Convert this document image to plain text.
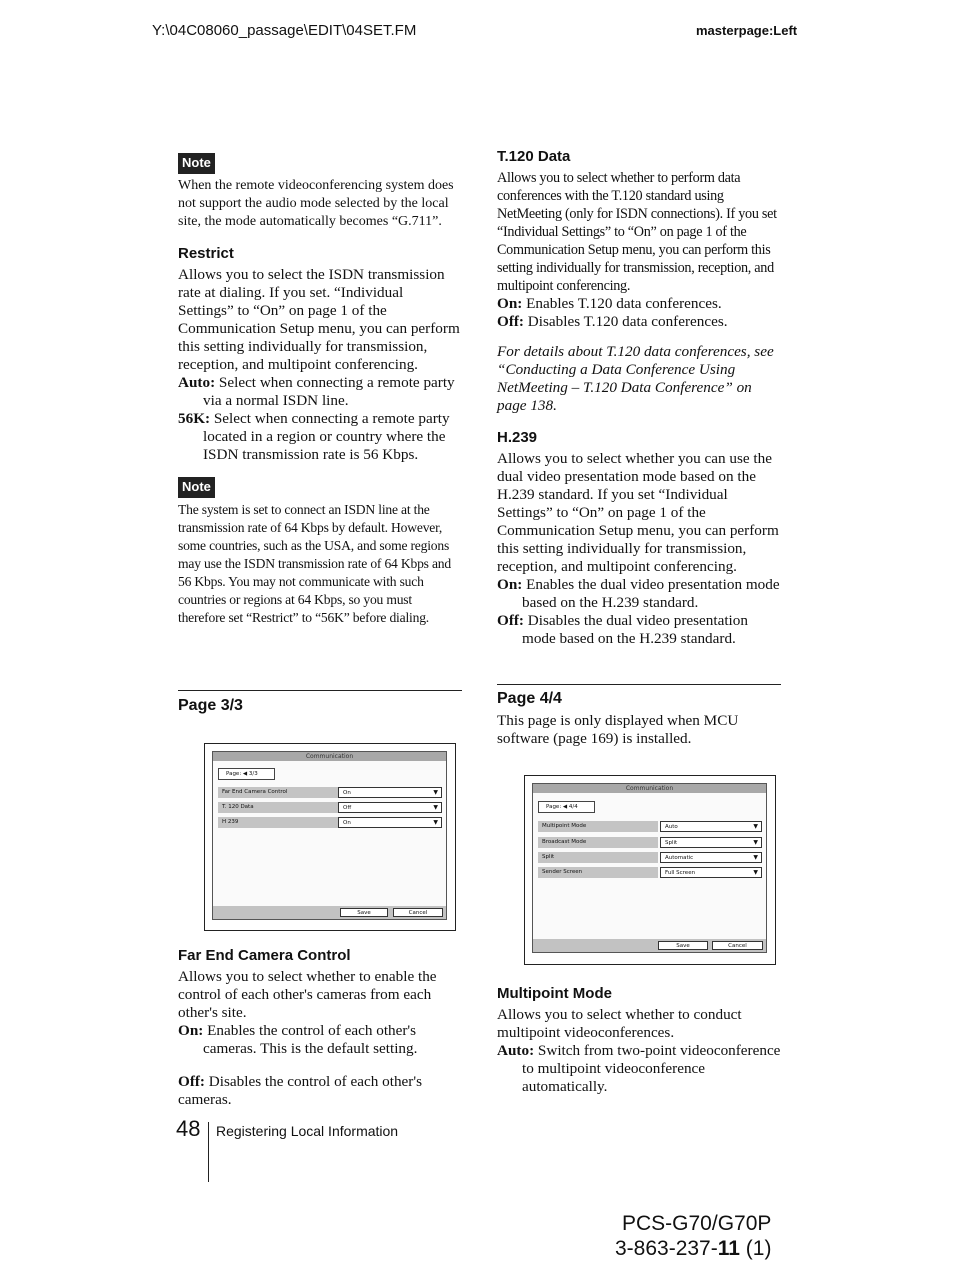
Y:\04C08060_passage\EDIT\04SET.FM	masterpage:Left
Note

When the remote videoconferencing system does not support the audio mode selected by the local site, the mode automatically becomes “G.711”.

Restrict

Allows you to select the ISDN transmission rate at dialing. If you set. “Individual Settings” to “On” on page 1 of the Communication Setup menu, you can perform this setting individually for transmission, reception, and multipoint conferencing.

Auto: Select when connecting a remote party via a normal ISDN line.

56K: Select when connecting a remote party located in a region or country where the ISDN transmission rate is 56 Kbps.

Note

The system is set to connect an ISDN line at the transmission rate of 64 Kbps by default. However, some countries, such as the USA, and some regions may use the ISDN transmission rate of 64 Kbps and 56 Kbps. You may not communicate with such countries or regions at 64 Kbps, so you must therefore set “Restrict” to “56K” before dialing.

Page 3/3
Communication
Page: ◀ 3/3
Far End Camera Control	On	▼
T. 120 Data	Off	▼
H 239	On	▼
Save	Cancel
Far End Camera Control

Allows you to select whether to enable the control of each other's cameras from each other's site.

On: Enables the control of each other's cameras. This is the default setting.

Off: Disables the control of each other's cameras.

T.120 Data

Allows you to select whether to perform data conferences with the T.120 standard using NetMeeting (only for ISDN connections). If you set “Individual Settings” to “On” on page 1 of the Communication Setup menu, you can perform this setting individually for transmission, reception, and multipoint conferencing.

On: Enables T.120 data conferences.

Off: Disables T.120 data conferences.

For details about T.120 data conferences, see “Conducting a Data Conference Using NetMeeting – T.120 Data Conference” on page 138.

H.239

Allows you to select whether you can use the dual video presentation mode based on the H.239 standard. If you set “Individual Settings” to “On” on page 1 of the Communication Setup menu, you can perform this setting individually for transmission, reception, and multipoint conferencing.

On: Enables the dual video presentation mode based on the H.239 standard.

Off: Disables the dual video presentation mode based on the H.239 standard.

Page 4/4

This page is only displayed when MCU software (page 169) is installed.

Communication
Page: ◀ 4/4
Multipoint Mode	Auto	▼
Broadcast Mode	Split	▼
Split	Automatic	▼
Sender Screen	Full Screen	▼
Save	Cancel
Multipoint Mode

Allows you to select whether to conduct multipoint videoconferences.

Auto: Switch from two-point videoconference to multipoint videoconference automatically.

48 Registering Local Information
PCS-G70/G70P
3-863-237-11 (1)
